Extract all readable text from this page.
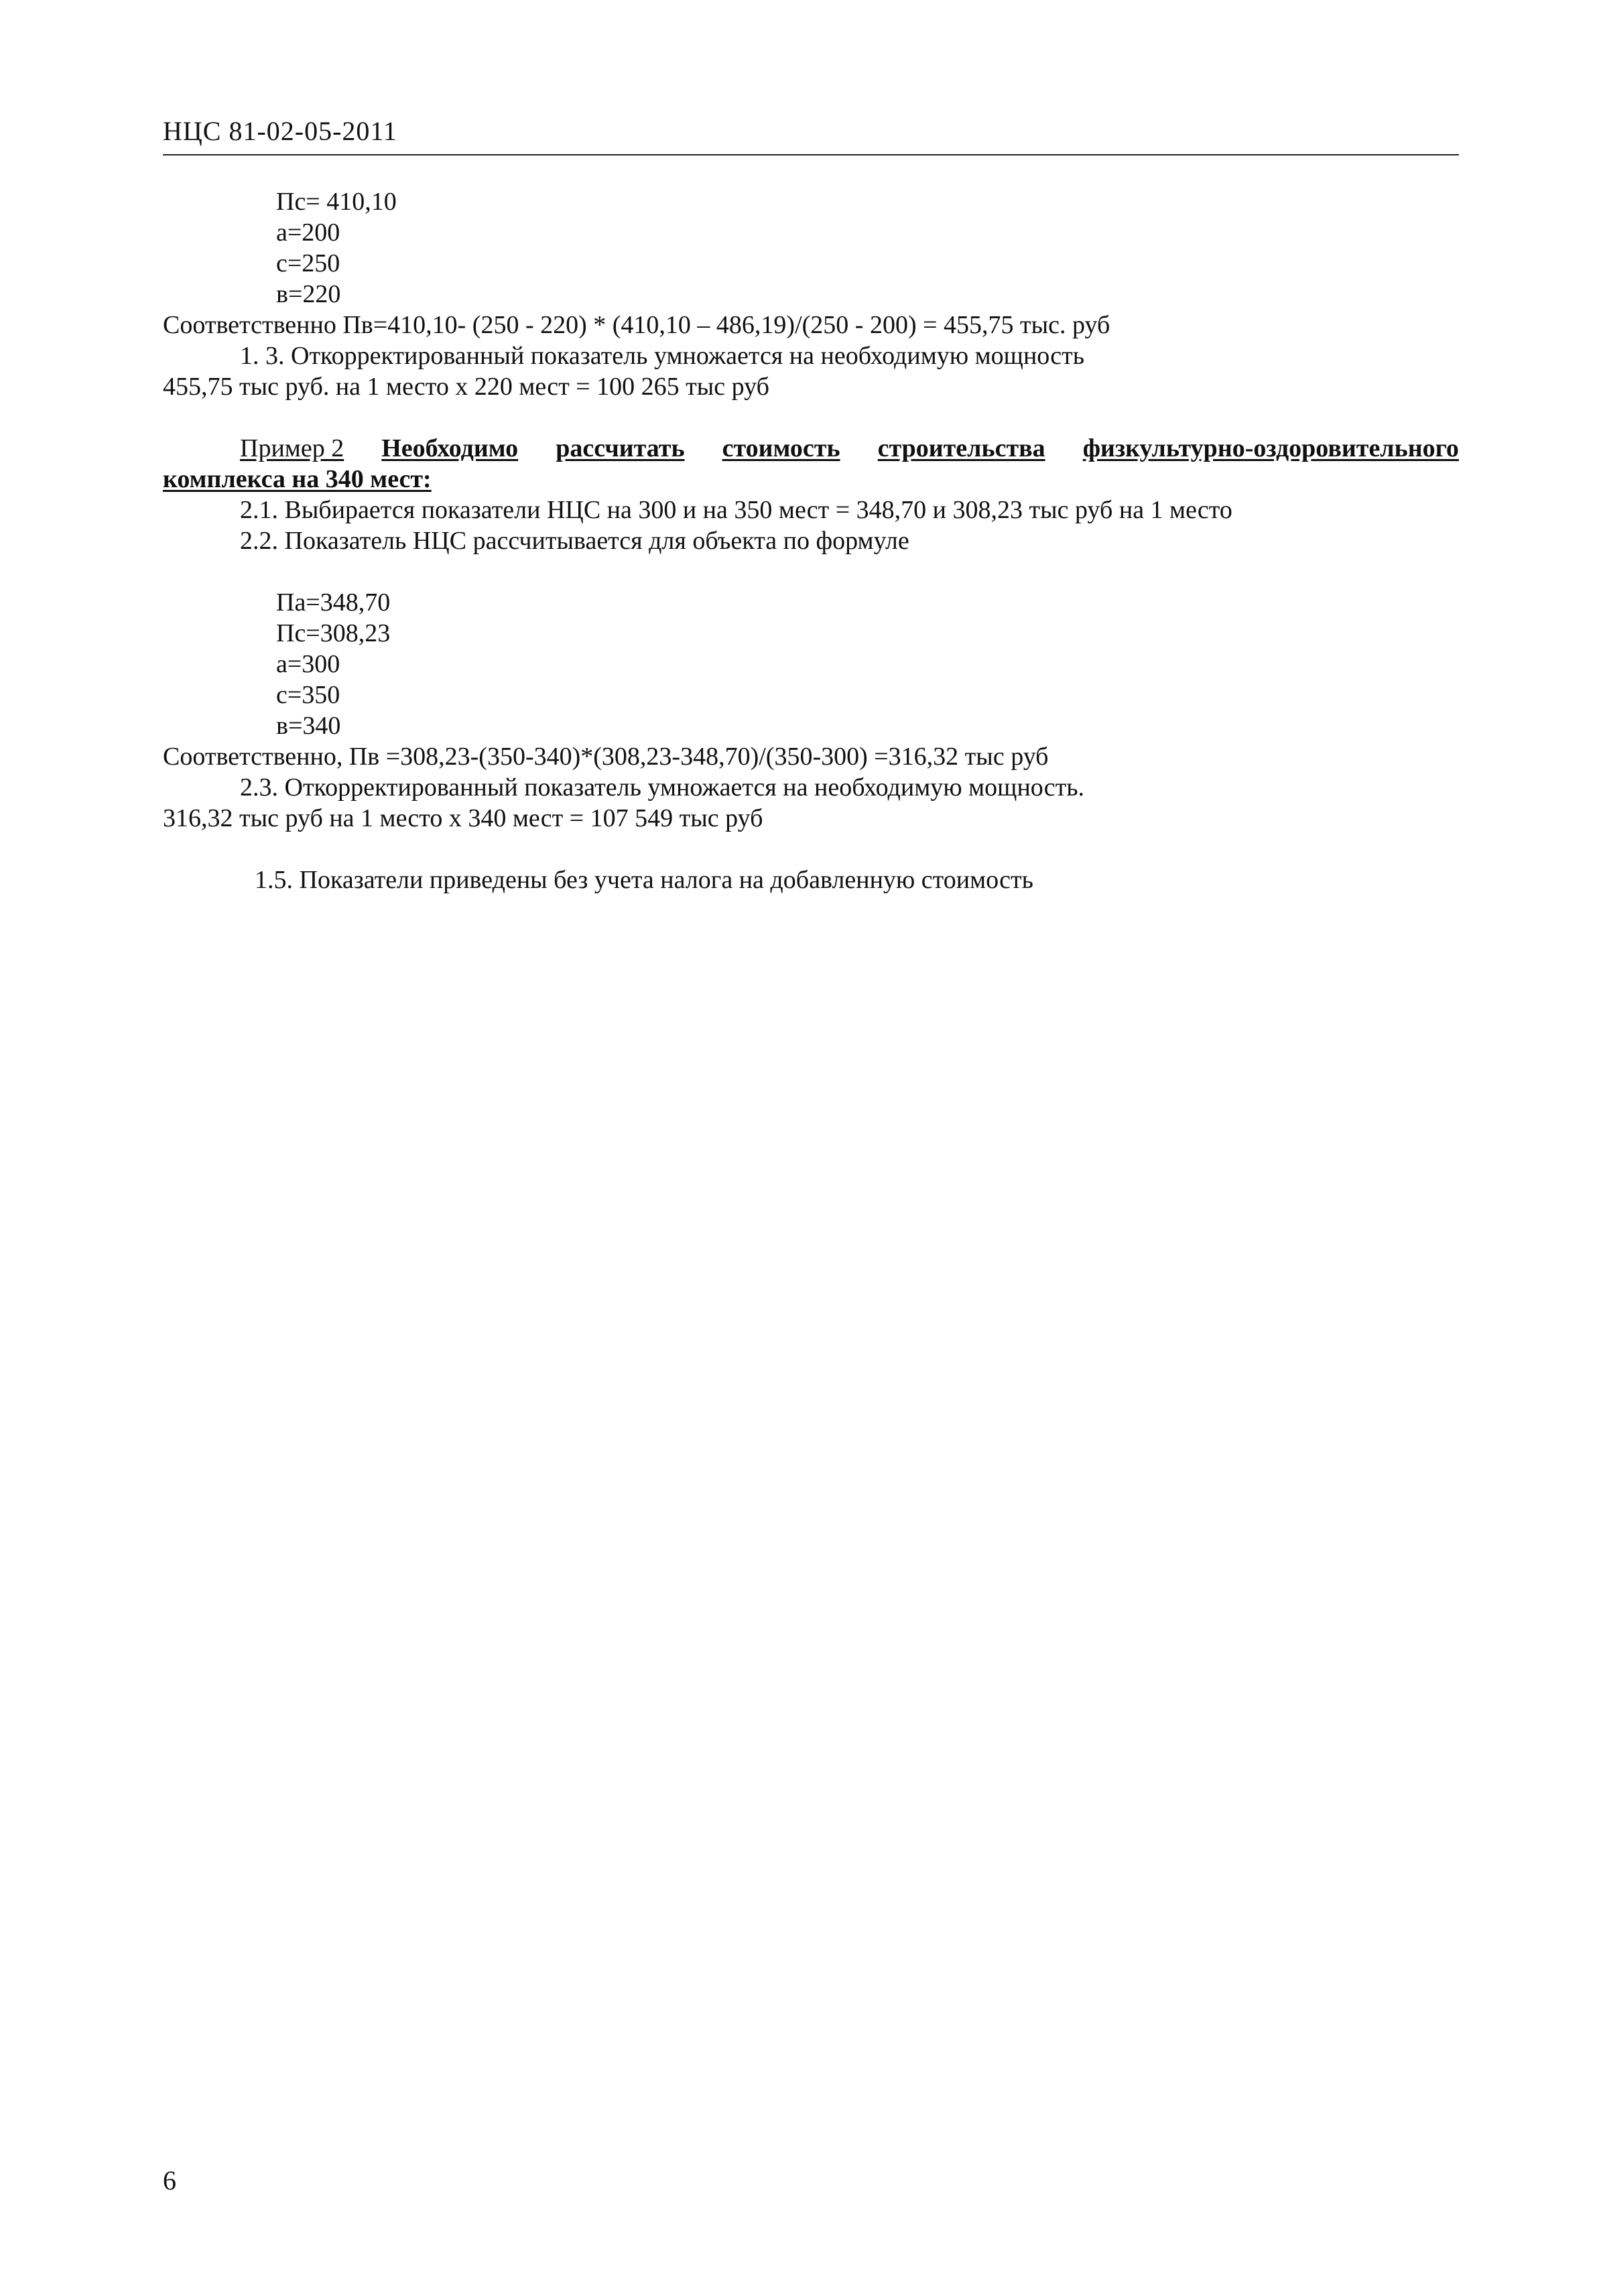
НЦС 81-02-05-2011
Пс= 410,10
а=200
с=250
в=220
Соответственно Пв=410,10- (250 - 220) * (410,10 – 486,19)/(250 - 200) = 455,75 тыс. руб
1. 3. Откорректированный показатель умножается на необходимую мощность
455,75 тыс руб. на 1 место х 220 мест = 100 265 тыс руб
Пример 2 Необходимо рассчитать стоимость строительства физкультурно-оздоровительного
комплекса на 340 мест:
2.1. Выбирается показатели НЦС на 300 и на 350 мест = 348,70 и 308,23 тыс руб на 1 место
2.2. Показатель НЦС рассчитывается для объекта по формуле
Па=348,70
Пс=308,23
а=300
с=350
в=340
Соответственно, Пв =308,23-(350-340)*(308,23-348,70)/(350-300) =316,32 тыс руб
2.3. Откорректированный показатель умножается на необходимую мощность.
316,32 тыс руб на 1 место х 340 мест = 107 549 тыс руб
1.5. Показатели приведены без учета налога на добавленную стоимость
6
